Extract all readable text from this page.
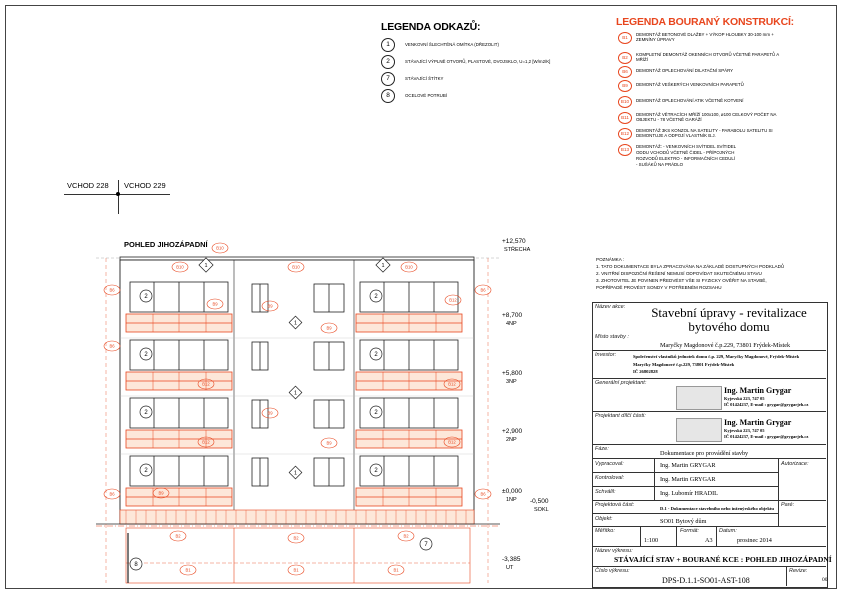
LEGENDA ODKAZŮ:
1	VENKOVNÍ ŠLECHTĚNÁ OMÍTKA (DŘEZOLIT)
2	STÁVAJÍCÍ VÝPLNĚ OTVORŮ, PLASTOVÉ, DVOJSKLO, U=1,2 [W/m2/K]
7	STÁVAJÍCÍ ŠTÍTKY
8	OCELOVÉ POTRUBÍ
LEGENDA BOURANÝ KONSTRUKCÍ:
B1
DEMONTÁŽ BETONOVÉ DLAŽBY + VÝKOP HLOUBKY 30-100 mm + ZEMNÍNY ÚPRAVY
B2
KOMPLETNÍ DEMONTÁŽ OKENNÍCH OTVORŮ VČETNĚ PARAPETŮ A MŘÍŽÍ
B6	DEMONTÁŽ OPLECHOVÁNÍ DILATAČNÍ SPÁRY
B9	DEMONTÁŽ VEŠKERÝCH VENKOVNÍCH PARAPETŮ
B10	DEMONTÁŽ OPLECHOVÁNÍ ATIK VČETNĚ KOTVENÍ
B11
DEMONTÁŽ VĚTRACÍCH MŘÍŽÍ 100x100, ø100 CELKOVÝ POČET NA OBJEKTU - 78 VČETNĚ GARÁŽÍ
B12
DEMONTÁŽ 3KS KONZOL NA SATELITY - PARABOLU SATELITU SI DEMONTUJE A ODPOJÍ VLASTNÍK B.J.
B13
DEMONTÁŽ: - VENKOVNÍCH SVÍTIDEL SVÍTIDEL ODDU VCHODŮ VČETNĚ ČIDEL - PŘÍPOJNÝCH ROZVODŮ ELEKTRO - INFORMAČNÍCH CEDULÍ - SUŠÁKŮ NA PRÁDLO
VCHOD 228 VCHOD 229
POHLED JIHOZÁPADNÍ
1	1
1
1
1
2	2
2	2
2	2
2	2
8
7
B10
B10
B10	B10
B6	B6
B12
B6
B9	B9
B9
B12	B12
B9
B9
B12	B12
B6	B6
B2
B2	B2
B1	B1	B1
B9
+12,570
STŘECHA
+8,700
4NP
+5,800
3NP
+2,900
2NP
±0,000
1NP -0,500
SOKL
-3,385
UT
POZNÁMKA :
1. TATO DOKUMENTACE BYLA ZPRACOVÁNA NA ZÁKLADĚ DOSTUPNÝCH PODKLADŮ
2. VNITŘNÍ DISPOZIČNÍ ŘEŠENÍ NEMUSÍ ODPOVÍDAT SKUTEČNÉMU STAVU
3. ZHOTOVITEL JE POVINEN PŘEDVÉST VŠE SI FYZICKY OVĚŘIT NA STAVBĚ,
POPŘÍPADĚ PROVÉST SONDY V POTŘEBNÉM ROZSAHU
Název akce:	Stavební úpravy - revitalizace bytového domu
Místo stavby :
Maryčky Magdonové č.p.229, 73801 Frýdek-Místek
Investor:	Společenství vlastníků jednotek domu č.p. 229, Maryčky Magdonové, Frýdek-Místek
Maryčky Magdonové č.p.229, 73801 Frýdek-Místek
IČ 26802828
Generální projektant:
Ing. Martin Grygar
Kyjevská 223, 747 05
IČ 01424237, E-mail : grygar@grygarjeh.cz
Projektant dílčí části:
Ing. Martin Grygar
Kyjevská 223, 747 05
IČ 01424237, E-mail : grygar@grygarjeh.cz
Fáze:
Dokumentace pro provádění stavby
Vypracoval:	Ing. Martin GRYGAR
Kontroloval:	Ing. Martin GRYGAR
Schválil:	Ing. Lubomír HRADIL
Autorizace:
Projektová část:
D.1 - Dokumentace stavebního nebo inženýrského objektu
Objekt:	SO01 Bytový dům
Paré:
Měřítko:
1:100
Formát:
A3
Datum:
prosinec 2014
Název výkresu:
STÁVAJÍCÍ STAV + BOURANÉ KCE : POHLED JIHOZÁPADNÍ
Číslo výkresu:
DPS-D.1.1-SO01-AST-108
Revize:
00
